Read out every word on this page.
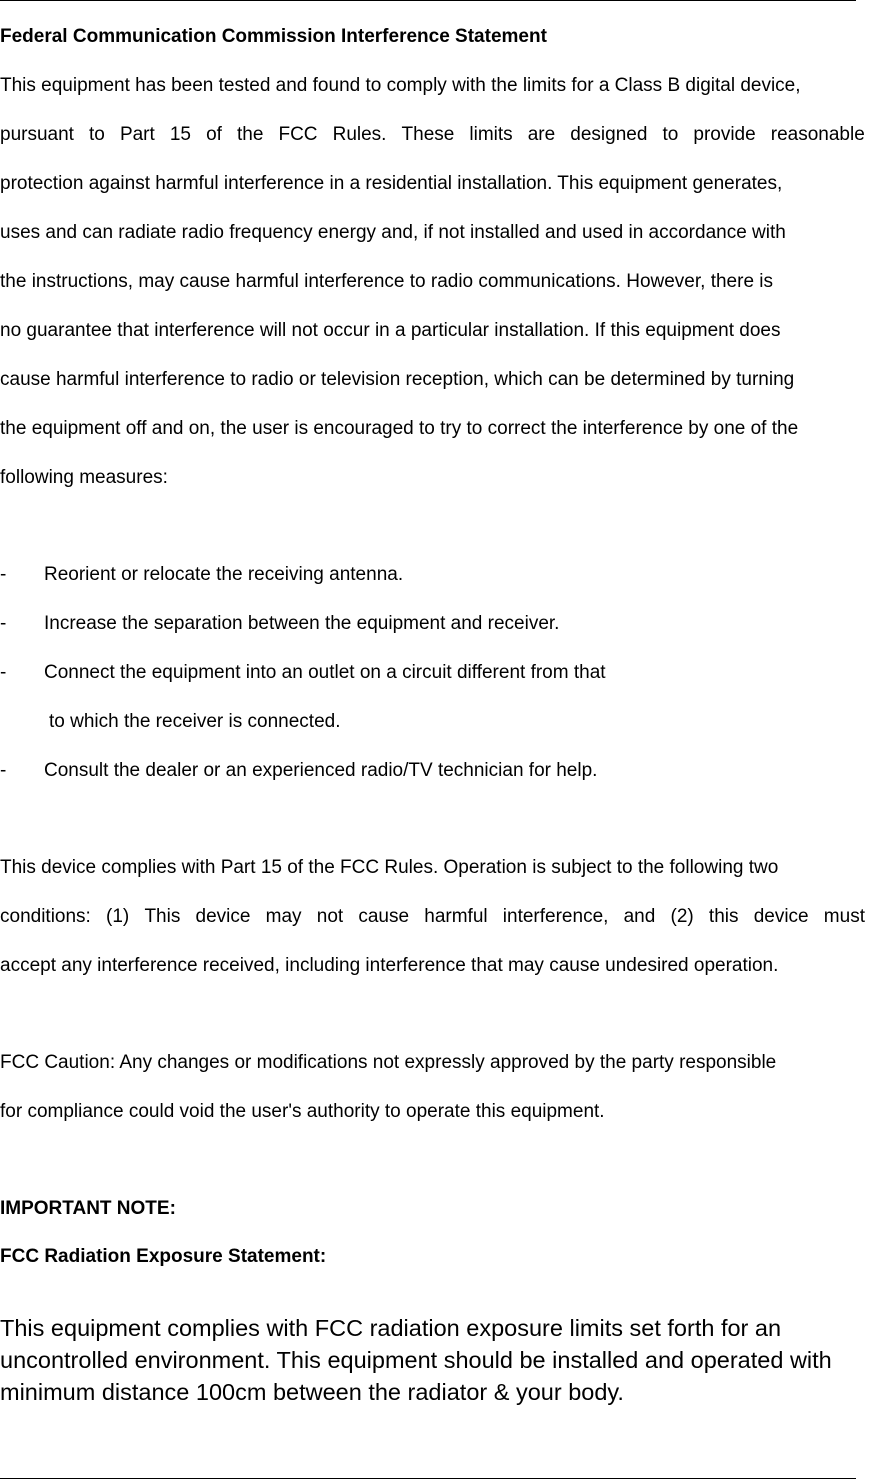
Federal Communication Commission Interference Statement
This equipment has been tested and found to comply with the limits for a Class B digital device,
pursuant to Part 15 of the FCC Rules. These limits are designed to provide reasonable
protection against harmful interference in a residential installation. This equipment generates,
uses and can radiate radio frequency energy and, if not installed and used in accordance with
the instructions, may cause harmful interference to radio communications. However, there is
no guarantee that interference will not occur in a particular installation. If this equipment does
cause harmful interference to radio or television reception, which can be determined by turning
the equipment off and on, the user is encouraged to try to correct the interference by one of the
following measures:
- Reorient or relocate the receiving antenna.
- Increase the separation between the equipment and receiver.
- Connect the equipment into an outlet on a circuit different from that
to which the receiver is connected.
- Consult the dealer or an experienced radio/TV technician for help.
This device complies with Part 15 of the FCC Rules. Operation is subject to the following two
conditions: (1) This device may not cause harmful interference, and (2) this device must
accept any interference received, including interference that may cause undesired operation.
FCC Caution: Any changes or modifications not expressly approved by the party responsible
for compliance could void the user's authority to operate this equipment.
IMPORTANT NOTE:
FCC Radiation Exposure Statement:
This equipment complies with FCC radiation exposure limits set forth for an uncontrolled environment. This equipment should be installed and operated with minimum distance 100cm between the radiator & your body.
